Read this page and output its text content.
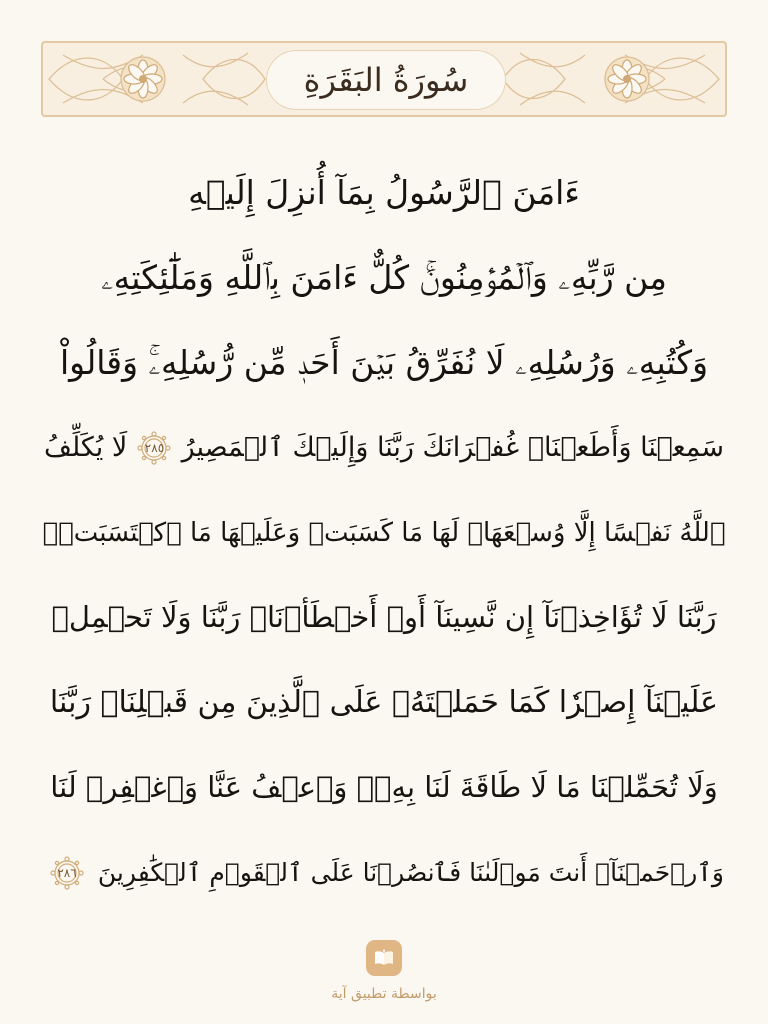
سُورَةُ البَقَرَةِ
ءَامَنَ ٱلرَّسُولُ بِمَآ أُنزِلَ إِلَيۡهِ
مِن رَّبِّهِۦ وَٱلۡمُؤۡمِنُونَۚ كُلٌّ ءَامَنَ بِٱللَّهِ وَمَلَٰٓئِكَتِهِۦ
وَكُتُبِهِۦ وَرُسُلِهِۦ لَا نُفَرِّقُ بَيۡنَ أَحَدٖ مِّن رُّسُلِهِۦۚ وَقَالُواْ
سَمِعۡنَا وَأَطَعۡنَاۖ غُفۡرَانَكَ رَبَّنَا وَإِلَيۡكَ ٱلۡمَصِيرُ
٢٨٥
لَا يُكَلِّفُ
ٱللَّهُ نَفۡسًا إِلَّا وُسۡعَهَاۚ لَهَا مَا كَسَبَتۡ وَعَلَيۡهَا مَا ٱكۡتَسَبَتۡۗ
رَبَّنَا لَا تُؤَاخِذۡنَآ إِن نَّسِينَآ أَوۡ أَخۡطَأۡنَاۚ رَبَّنَا وَلَا تَحۡمِلۡ
عَلَيۡنَآ إِصۡرٗا كَمَا حَمَلۡتَهُۥ عَلَى ٱلَّذِينَ مِن قَبۡلِنَاۚ رَبَّنَا
وَلَا تُحَمِّلۡنَا مَا لَا طَاقَةَ لَنَا بِهِۦۖ وَٱعۡفُ عَنَّا وَٱغۡفِرۡ لَنَا
وَٱرۡحَمۡنَآۚ أَنتَ مَوۡلَىٰنَا فَٱنصُرۡنَا عَلَى ٱلۡقَوۡمِ ٱلۡكَٰفِرِينَ
٢٨٦
بواسطة تطبيق آية
